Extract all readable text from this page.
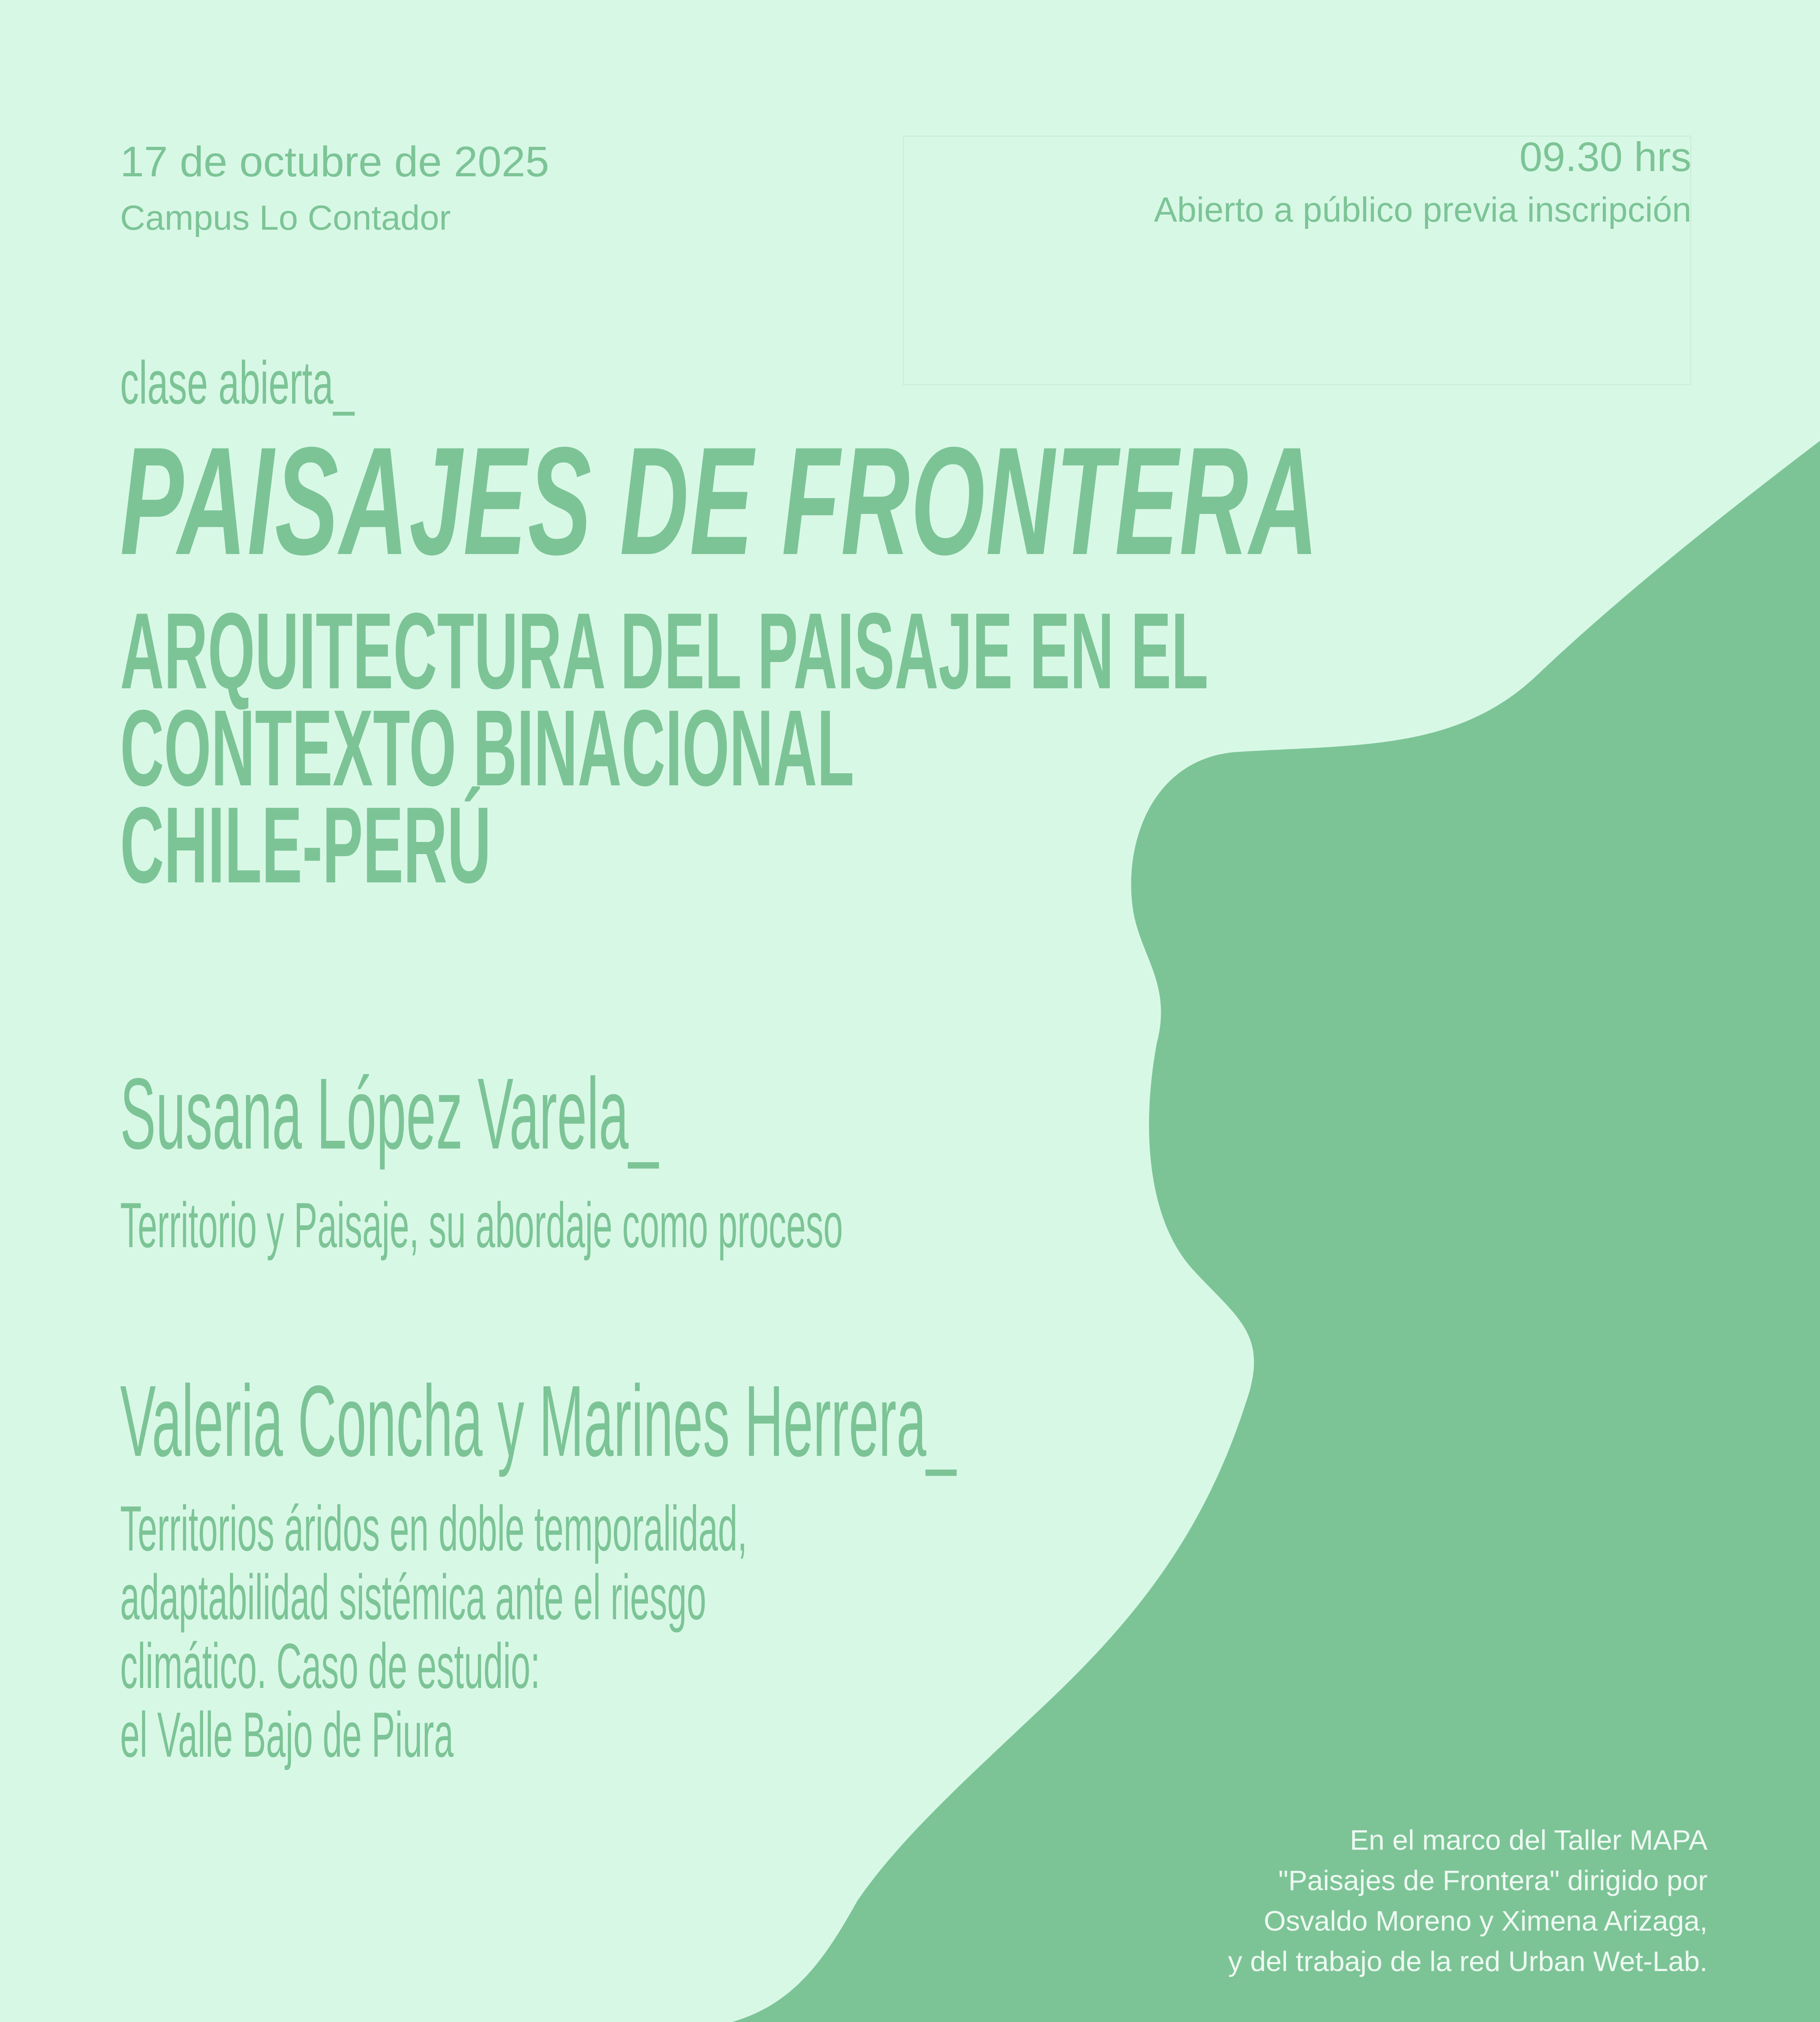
17 de octubre de 2025
Campus Lo Contador
09.30 hrs
Abierto a público previa inscripción
clase abierta_
PAISAJES DE FRONTERA
ARQUITECTURA DEL PAISAJE EN EL
CONTEXTO BINACIONAL
CHILE-PERÚ
Susana López Varela_
Territorio y Paisaje, su abordaje como proceso
Valeria Concha y Marines Herrera_
Territorios áridos en doble temporalidad,
adaptabilidad sistémica ante el riesgo
climático. Caso de estudio:
el Valle Bajo de Piura
En el marco del Taller MAPA
"Paisajes de Frontera" dirigido por
Osvaldo Moreno y Ximena Arizaga,
y del trabajo de la red Urban Wet-Lab.
